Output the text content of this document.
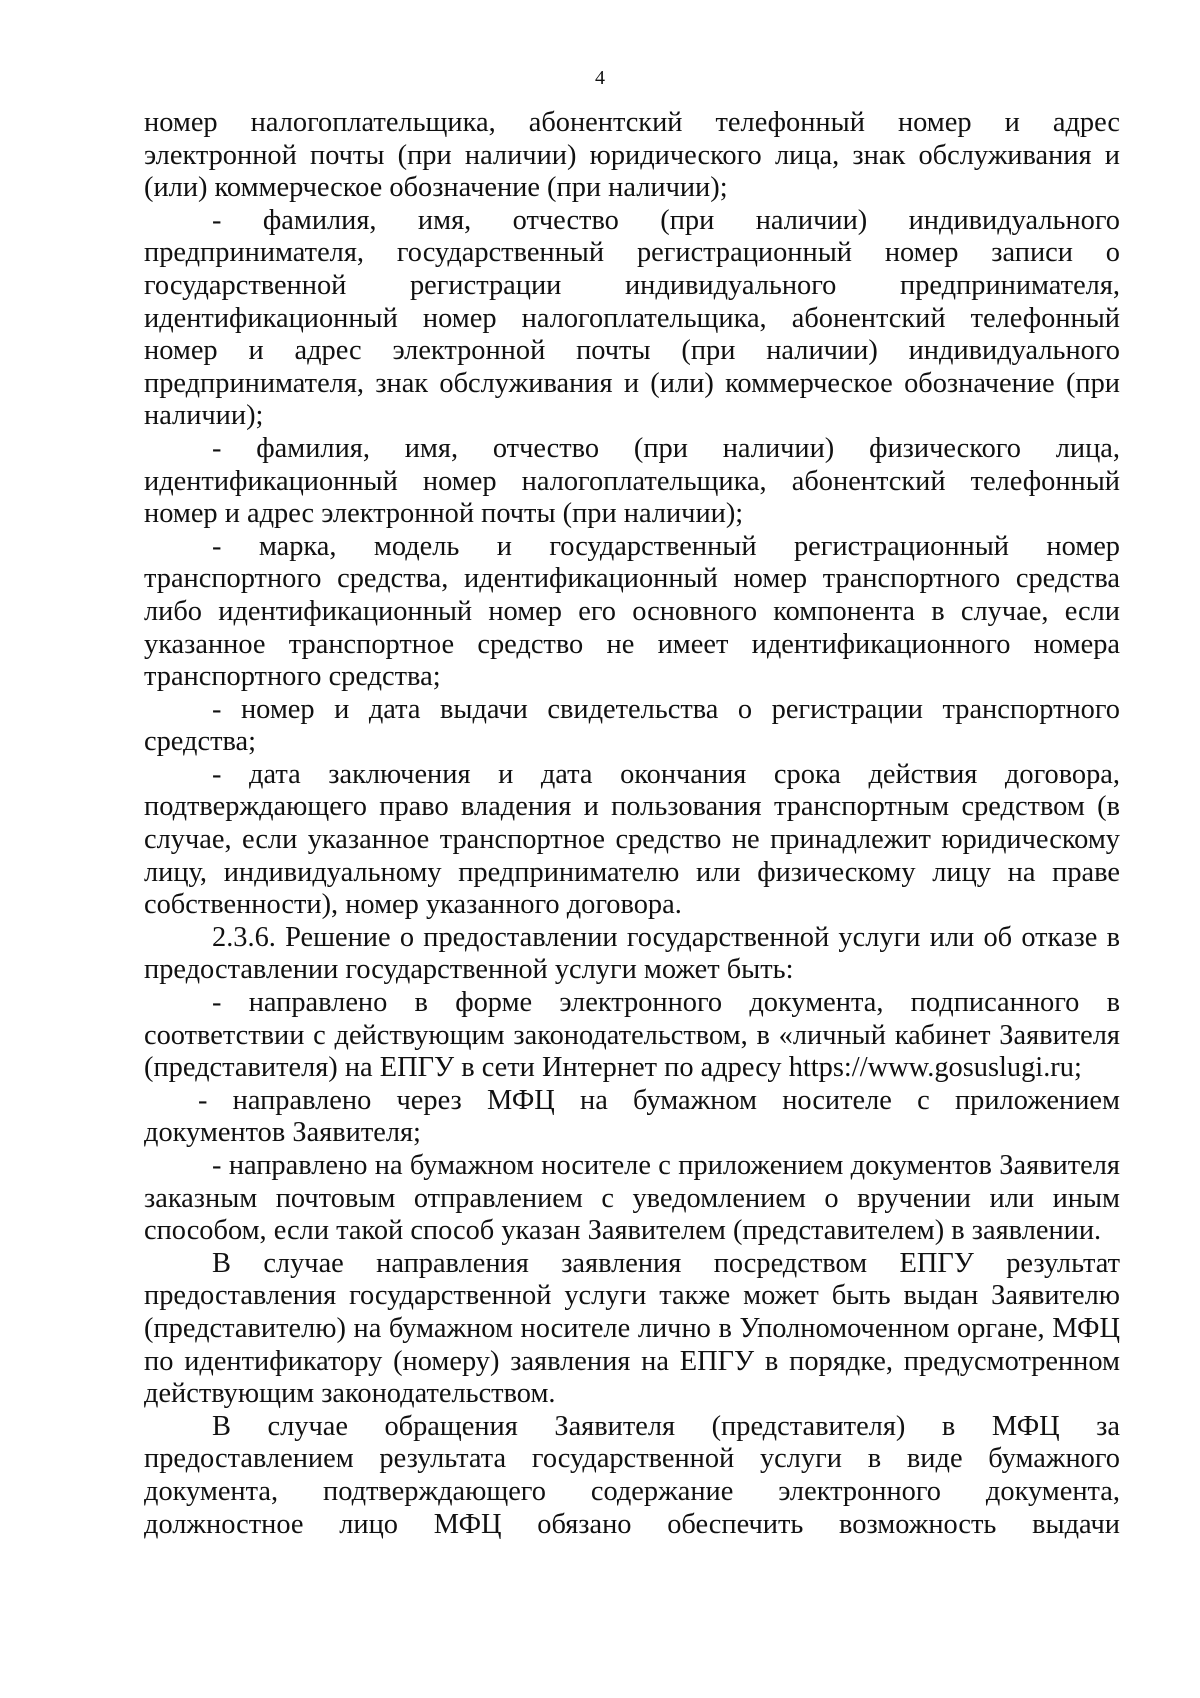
4

номер налогоплательщика, абонентский телефонный номер и адрес электронной почты (при наличии) юридического лица, знак обслуживания и (или) коммерческое обозначение (при наличии);

- фамилия, имя, отчество (при наличии) индивидуального предпринимателя, государственный регистрационный номер записи о государственной регистрации индивидуального предпринимателя, идентификационный номер налогоплательщика, абонентский телефонный номер и адрес электронной почты (при наличии) индивидуального предпринимателя, знак обслуживания и (или) коммерческое обозначение (при наличии);

- фамилия, имя, отчество (при наличии) физического лица, идентификационный номер налогоплательщика, абонентский телефонный номер и адрес электронной почты (при наличии);

- марка, модель и государственный регистрационный номер транспортного средства, идентификационный номер транспортного средства либо идентификационный номер его основного компонента в случае, если указанное транспортное средство не имеет идентификационного номера транспортного средства;

- номер и дата выдачи свидетельства о регистрации транспортного средства;

- дата заключения и дата окончания срока действия договора, подтверждающего право владения и пользования транспортным средством (в случае, если указанное транспортное средство не принадлежит юридическому лицу, индивидуальному предпринимателю или физическому лицу на праве собственности), номер указанного договора.

2.3.6. Решение о предоставлении государственной услуги или об отказе в предоставлении государственной услуги может быть:

- направлено в форме электронного документа, подписанного в соответствии с действующим законодательством, в «личный кабинет Заявителя (представителя) на ЕПГУ в сети Интернет по адресу https://www.gosuslugi.ru;

- направлено через МФЦ на бумажном носителе с приложением документов Заявителя;

- направлено на бумажном носителе с приложением документов Заявителя заказным почтовым отправлением с уведомлением о вручении или иным способом, если такой способ указан Заявителем (представителем) в заявлении.

В случае направления заявления посредством ЕПГУ результат предоставления государственной услуги также может быть выдан Заявителю (представителю) на бумажном носителе лично в Уполномоченном органе, МФЦ по идентификатору (номеру) заявления на ЕПГУ в порядке, предусмотренном действующим законодательством.

В случае обращения Заявителя (представителя) в МФЦ за предоставлением результата государственной услуги в виде бумажного документа, подтверждающего содержание электронного документа, должностное лицо МФЦ обязано обеспечить возможность выдачи
